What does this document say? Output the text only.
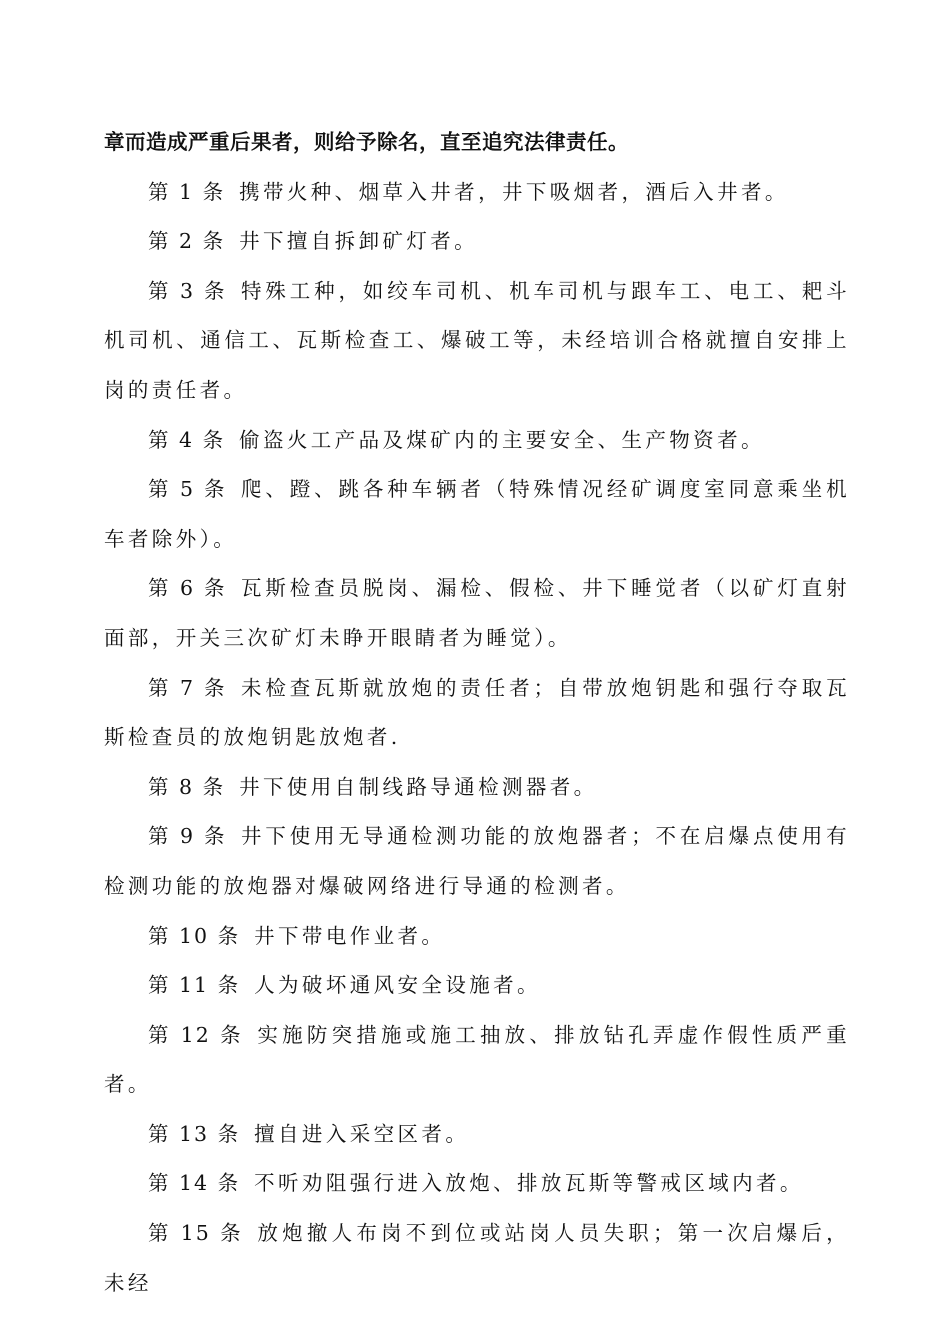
章而造成严重后果者，则给予除名，直至追究法律责任。

第 1 条 携带火种、烟草入井者，井下吸烟者，酒后入井者。

第 2 条 井下擅自拆卸矿灯者。

第 3 条 特殊工种，如绞车司机、机车司机与跟车工、电工、耙斗机司机、通信工、瓦斯检查工、爆破工等，未经培训合格就擅自安排上岗的责任者。

第 4 条 偷盗火工产品及煤矿内的主要安全、生产物资者。

第 5 条 爬、蹬、跳各种车辆者（特殊情况经矿调度室同意乘坐机车者除外）。

第 6 条 瓦斯检查员脱岗、漏检、假检、井下睡觉者（以矿灯直射面部，开关三次矿灯未睁开眼睛者为睡觉）。

第 7 条 未检查瓦斯就放炮的责任者；自带放炮钥匙和强行夺取瓦斯检查员的放炮钥匙放炮者.

第 8 条 井下使用自制线路导通检测器者。

第 9 条 井下使用无导通检测功能的放炮器者；不在启爆点使用有检测功能的放炮器对爆破网络进行导通的检测者。

第 10 条 井下带电作业者。

第 11 条 人为破坏通风安全设施者。

第 12 条 实施防突措施或施工抽放、排放钻孔弄虚作假性质严重者。

第 13 条 擅自进入采空区者。

第 14 条 不听劝阻强行进入放炮、排放瓦斯等警戒区域内者。

第 15 条 放炮撤人布岗不到位或站岗人员失职；第一次启爆后，未经
